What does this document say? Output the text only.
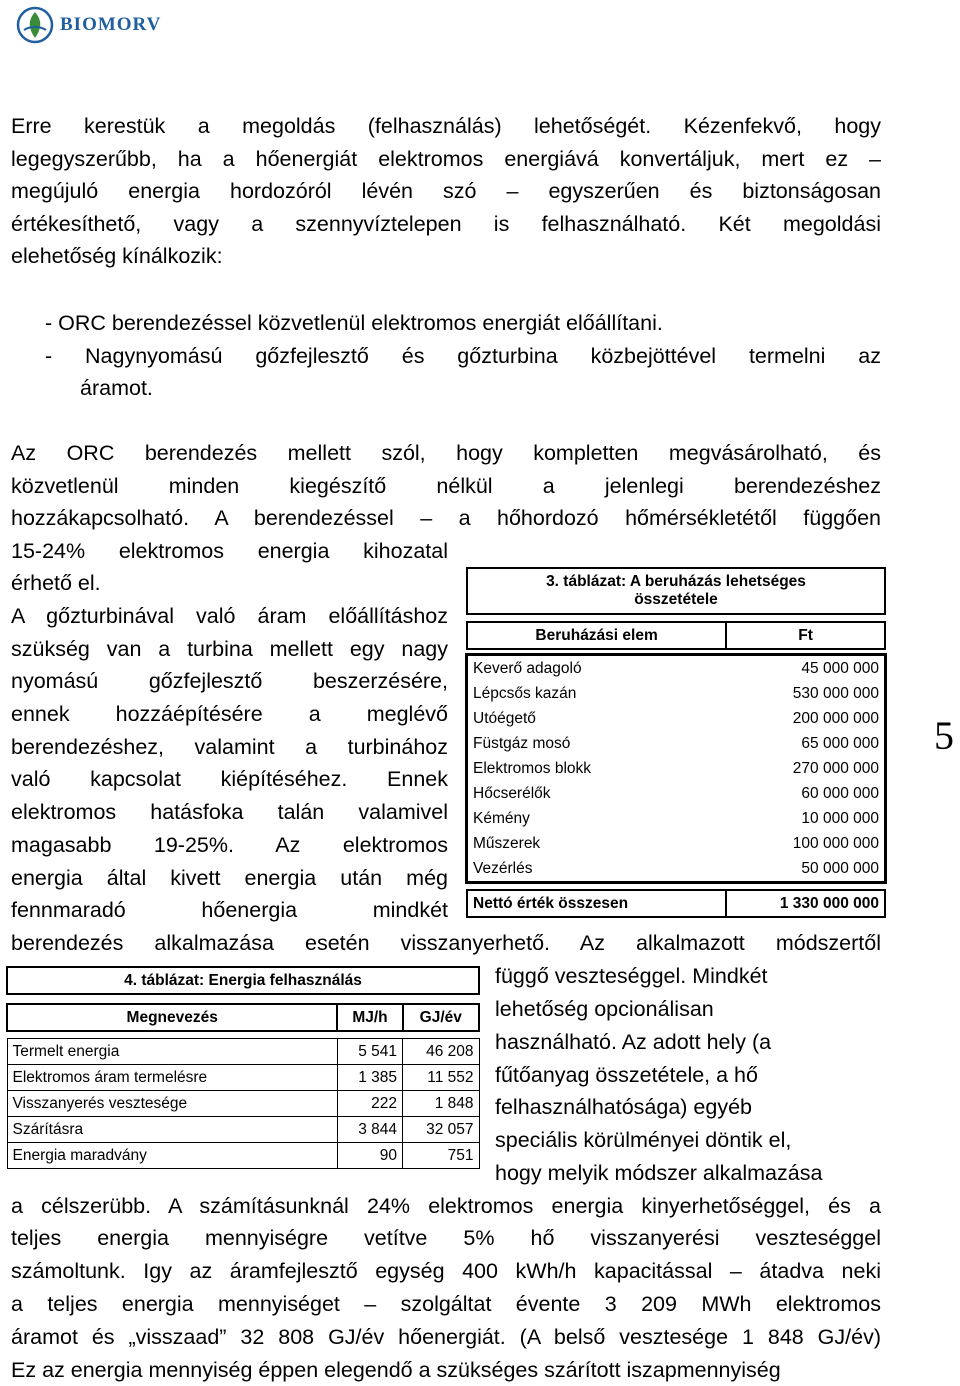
BIOMORV
Erre kerestük a megoldás (felhasználás) lehetőségét. Kézenfekvő, hogy
legegyszerűbb, ha a hőenergiát elektromos energiává konvertáljuk, mert ez –
megújuló energia hordozóról lévén szó – egyszerűen és biztonságosan
értékesíthető, vagy a szennyvíztelepen is felhasználható. Két megoldási
elehetőség kínálkozik:
- ORC berendezéssel közvetlenül elektromos energiát előállítani.
- Nagynyomású gőzfejlesztő és gőzturbina közbejöttével termelni az
áramot.
Az ORC berendezés mellett szól, hogy kompletten megvásárolható, és
közvetlenül minden kiegészítő nélkül a jelenlegi berendezéshez
hozzákapcsolható. A berendezéssel – a hőhordozó hőmérsékletétől függően
15-24% elektromos energia kihozatal
érhető el.
A gőzturbinával való áram előállításhoz
szükség van a turbina mellett egy nagy
nyomású gőzfejlesztő beszerzésére,
ennek hozzáépítésére a meglévő
berendezéshez, valamint a turbinához
való kapcsolat kiépítéséhez. Ennek
elektromos hatásfoka talán valamivel
magasabb 19-25%. Az elektromos
energia által kivett energia után még
fennmaradó hőenergia mindkét
berendezés alkalmazása esetén visszanyerhető. Az alkalmazott módszertől
függő veszteséggel. Mindkét
lehetőség opcionálisan
használható. Az adott hely (a
fűtőanyag összetétele, a hő
felhasználhatósága) egyéb
speciális körülményei döntik el,
hogy melyik módszer alkalmazása
a célszerübb. A számításunknál 24% elektromos energia kinyerhetőséggel, és a
teljes energia mennyiségre vetítve 5% hő visszanyerési veszteséggel
számoltunk. Igy az áramfejlesztő egység 400 kWh/h kapacitással – átadva neki
a teljes energia mennyiséget – szolgáltat évente 3 209 MWh elektromos
áramot és „visszaad” 32 808 GJ/év hőenergiát. (A belső vesztesége 1 848 GJ/év)
Ez az energia mennyiség éppen elegendő a szükséges szárított iszapmennyiség
5
3. táblázat: A beruházás lehetséges
összetétele	

Beruházási elem	Ft

Keverő adagoló	45 000 000
Lépcsős kazán	530 000 000
Utóégető	200 000 000
Füstgáz mosó	65 000 000
Elektromos blokk	270 000 000
Hőcserélők	60 000 000
Kémény	10 000 000
Műszerek	100 000 000
Vezérlés	50 000 000

Nettó érték összesen	1 330 000 000
4. táblázat: Energia felhasználás		

Megnevezés	MJ/h	GJ/év

Termelt energia	5 541	46 208
Elektromos áram termelésre	1 385	11 552
Visszanyerés vesztesége	222	1 848
Szárításra	3 844	32 057
Energia maradvány	90	751
